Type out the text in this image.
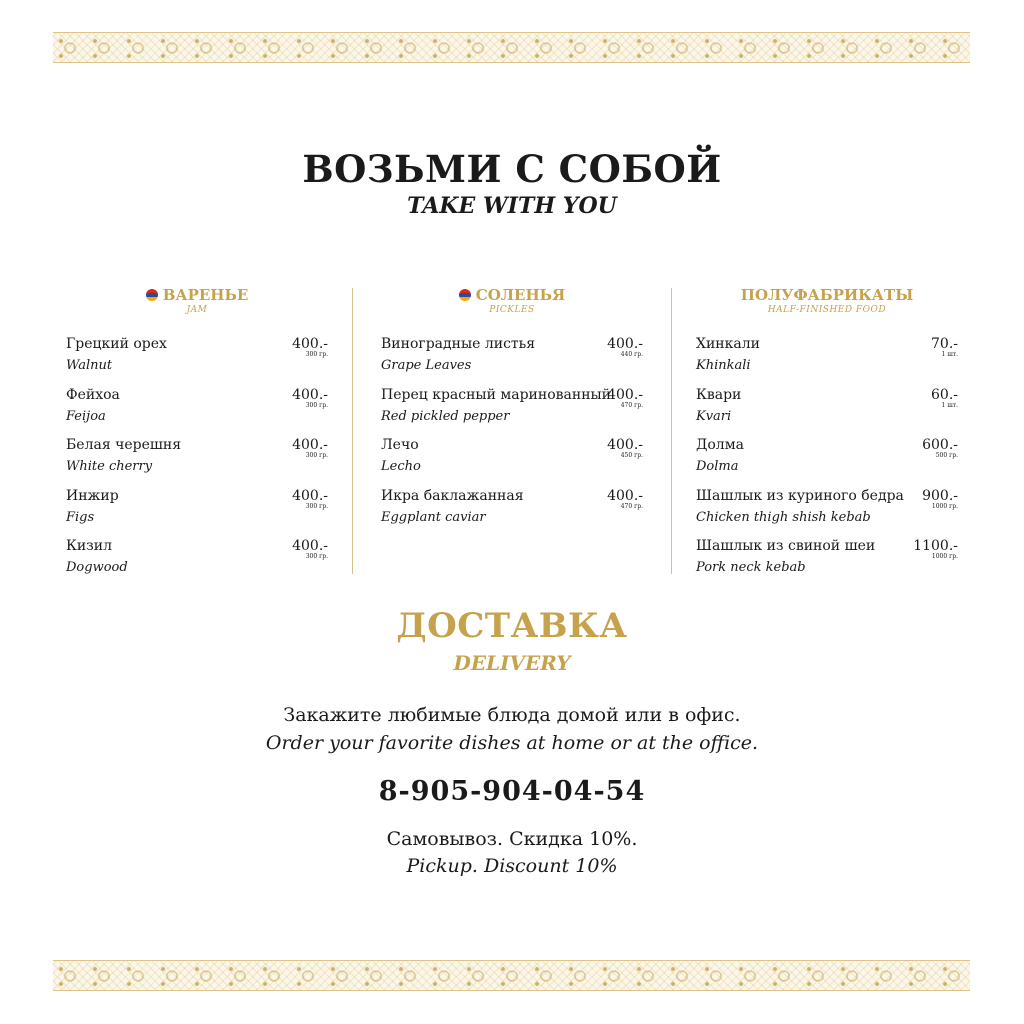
ВОЗЬМИ С СОБОЙ
TAKE WITH YOU
ВАРЕНЬЕ
JAM
Грецкий орех
Walnut
400.-
300 гр.
Фейхоа
Feijoa
400.-
300 гр.
Белая черешня
White cherry
400.-
300 гр.
Инжир
Figs
400.-
300 гр.
Кизил
Dogwood
400.-
300 гр.
СОЛЕНЬЯ
PICKLES
Виноградные листья
Grape Leaves
400.-
440 гр.
Перец красный маринованный
Red pickled pepper
400.-
470 гр.
Лечо
Lecho
400.-
450 гр.
Икра баклажанная
Eggplant caviar
400.-
470 гр.
ПОЛУФАБРИКАТЫ
HALF-FINISHED FOOD
Хинкали
Khinkali
70.-
1 шт.
Квари
Kvari
60.-
1 шт.
Долма
Dolma
600.-
500 гр.
Шашлык из куриного бедра
Chicken thigh shish kebab
900.-
1000 гр.
Шашлык из свиной шеи
Pork neck kebab
1100.-
1000 гр.
ДОСТАВКА
DELIVERY
Закажите любимые блюда домой или в офис.
Order your favorite dishes at home or at the office.
8-905-904-04-54
Самовывоз. Скидка 10%.
Pickup. Discount 10%
